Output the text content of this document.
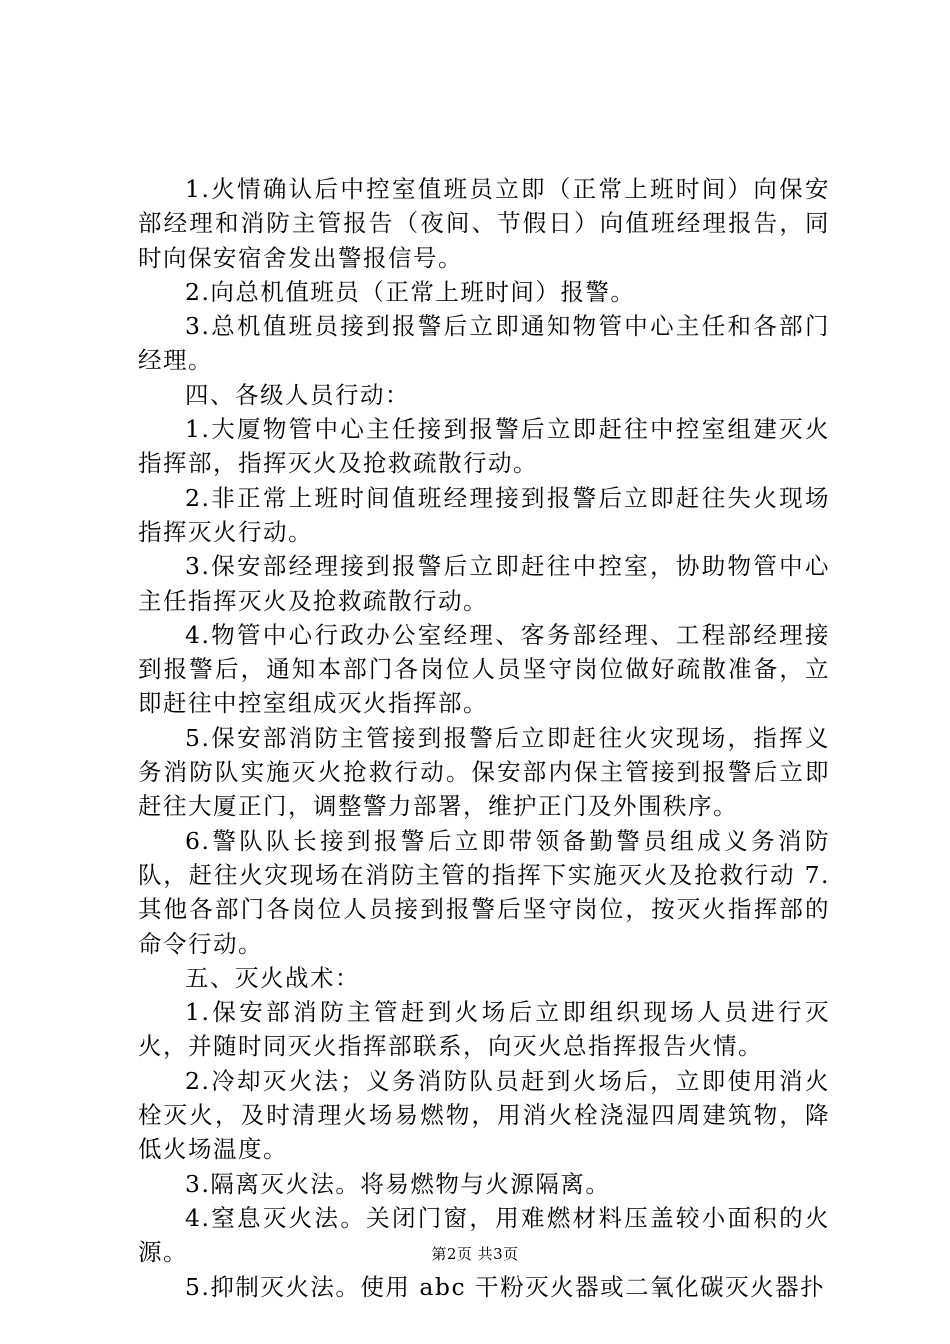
1.火情确认后中控室值班员立即（正常上班时间）向保安部经理和消防主管报告（夜间、节假日）向值班经理报告，同时向保安宿舍发出警报信号。

2.向总机值班员（正常上班时间）报警。

3.总机值班员接到报警后立即通知物管中心主任和各部门经理。

四、各级人员行动：

1.大厦物管中心主任接到报警后立即赶往中控室组建灭火指挥部，指挥灭火及抢救疏散行动。

2.非正常上班时间值班经理接到报警后立即赶往失火现场指挥灭火行动。

3.保安部经理接到报警后立即赶往中控室，协助物管中心主任指挥灭火及抢救疏散行动。

4.物管中心行政办公室经理、客务部经理、工程部经理接到报警后，通知本部门各岗位人员坚守岗位做好疏散准备，立即赶往中控室组成灭火指挥部。

5.保安部消防主管接到报警后立即赶往火灾现场，指挥义务消防队实施灭火抢救行动。保安部内保主管接到报警后立即赶往大厦正门，调整警力部署，维护正门及外围秩序。

6.警队队长接到报警后立即带领备勤警员组成义务消防队，赶往火灾现场在消防主管的指挥下实施灭火及抢救行动 7.其他各部门各岗位人员接到报警后坚守岗位，按灭火指挥部的命令行动。

五、灭火战术：

1.保安部消防主管赶到火场后立即组织现场人员进行灭火，并随时同灭火指挥部联系，向灭火总指挥报告火情。

2.冷却灭火法；义务消防队员赶到火场后，立即使用消火栓灭火，及时清理火场易燃物，用消火栓浇湿四周建筑物，降低火场温度。

3.隔离灭火法。将易燃物与火源隔离。

4.窒息灭火法。关闭门窗，用难燃材料压盖较小面积的火源。

5.抑制灭火法。使用 abc 干粉灭火器或二氧化碳灭火器扑

第2页 共3页
